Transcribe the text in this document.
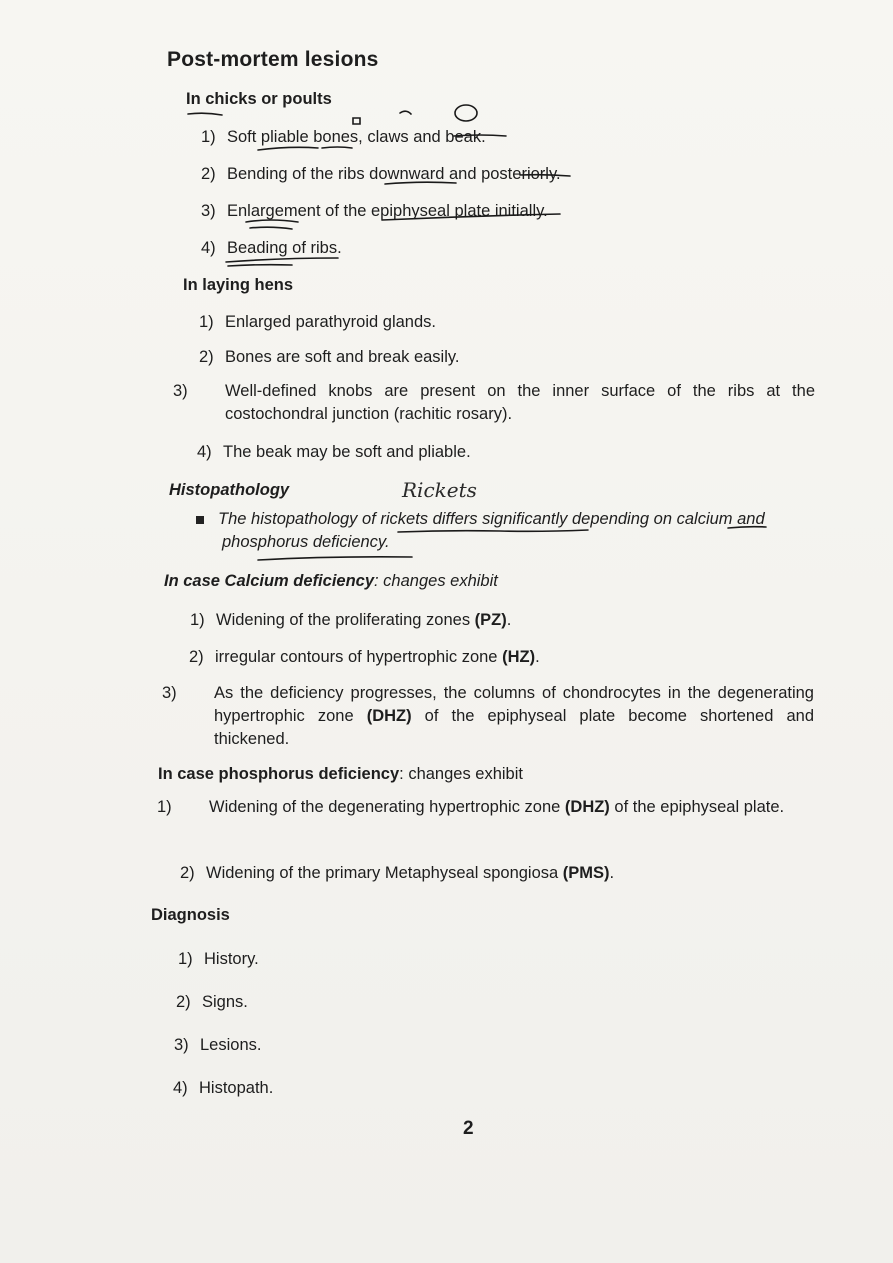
Post-mortem lesions
In chicks or poults
1) Soft pliable bones, claws and beak.
2) Bending of the ribs downward and posteriorly.
3) Enlargement of the epiphyseal plate initially.
4) Beading of ribs.
In laying hens
1) Enlarged parathyroid glands.
2) Bones are soft and break easily.
3) Well-defined knobs are present on the inner surface of the ribs at the costochondral junction (rachitic rosary).
4) The beak may be soft and pliable.
Histopathology	Rickets
The histopathology of rickets differs significantly depending on calcium and phosphorus deficiency.
In case Calcium deficiency: changes exhibit
1) Widening of the proliferating zones (PZ).
2) irregular contours of hypertrophic zone (HZ).
3) As the deficiency progresses, the columns of chondrocytes in the degenerating hypertrophic zone (DHZ) of the epiphyseal plate become shortened and thickened.
In case phosphorus deficiency: changes exhibit
1) Widening of the degenerating hypertrophic zone (DHZ) of the epiphyseal plate.
2) Widening of the primary Metaphyseal spongiosa (PMS).
Diagnosis
1) History.
2) Signs.
3) Lesions.
4) Histopath.
2
